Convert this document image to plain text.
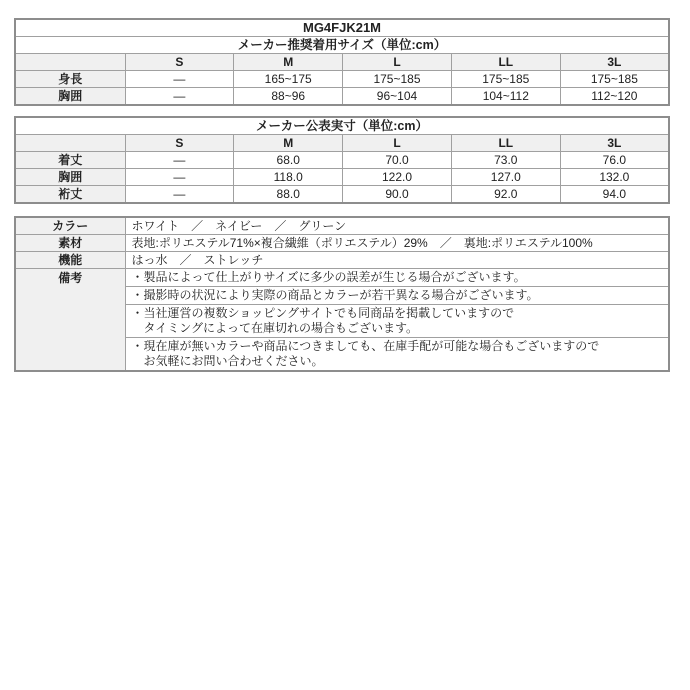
MG4FJK21M					
メーカー推奨着用サイズ（単位:cm）					
	S	M	L	LL	3L
身長	—	165~175	175~185	175~185	175~185
胸囲	—	88~96	96~104	104~112	112~120
メーカー公表実寸（単位:cm）					
	S	M	L	LL	3L
着丈	—	68.0	70.0	73.0	76.0
胸囲	—	118.0	122.0	127.0	132.0
裄丈	—	88.0	90.0	92.0	94.0
カラー	ホワイト　／　ネイビー　／　グリーン
素材	表地:ポリエステル71%×複合繊維（ポリエステル）29%　／　裏地:ポリエステル100%
機能	はっ水　／　ストレッチ
備考	・製品によって仕上がりサイズに多少の誤差が生じる場合がございます。

	・撮影時の状況により実際の商品とカラーが若干異なる場合がございます。

	・当社運営の複数ショッピングサイトでも同商品を掲載していますので
タイミングによって在庫切れの場合もございます。

	・現在庫が無いカラーや商品につきましても、在庫手配が可能な場合もございますので
お気軽にお問い合わせください。
